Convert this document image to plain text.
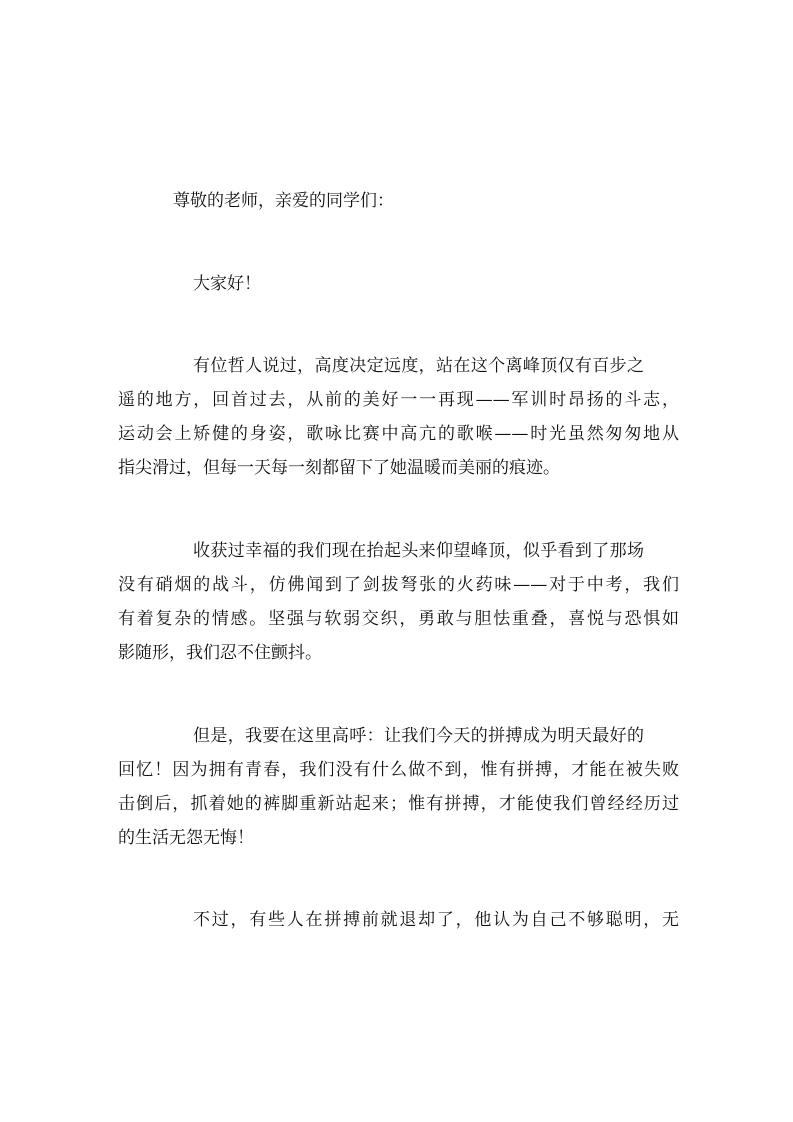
尊敬的老师，亲爱的同学们：
大家好！
有位哲人说过，高度决定远度，站在这个离峰顶仅有百步之
遥的地方，回首过去，从前的美好一一再现——军训时昂扬的斗志，
运动会上矫健的身姿，歌咏比赛中高亢的歌喉——时光虽然匆匆地从
指尖滑过，但每一天每一刻都留下了她温暖而美丽的痕迹。
收获过幸福的我们现在抬起头来仰望峰顶，似乎看到了那场
没有硝烟的战斗，仿佛闻到了剑拔弩张的火药味——对于中考，我们
有着复杂的情感。坚强与软弱交织，勇敢与胆怯重叠，喜悦与恐惧如
影随形，我们忍不住颤抖。
但是，我要在这里高呼：让我们今天的拼搏成为明天最好的
回忆！因为拥有青春，我们没有什么做不到，惟有拼搏，才能在被失败
击倒后，抓着她的裤脚重新站起来；惟有拼搏，才能使我们曾经经历过
的生活无怨无悔！
不过，有些人在拼搏前就退却了，他认为自己不够聪明，无
